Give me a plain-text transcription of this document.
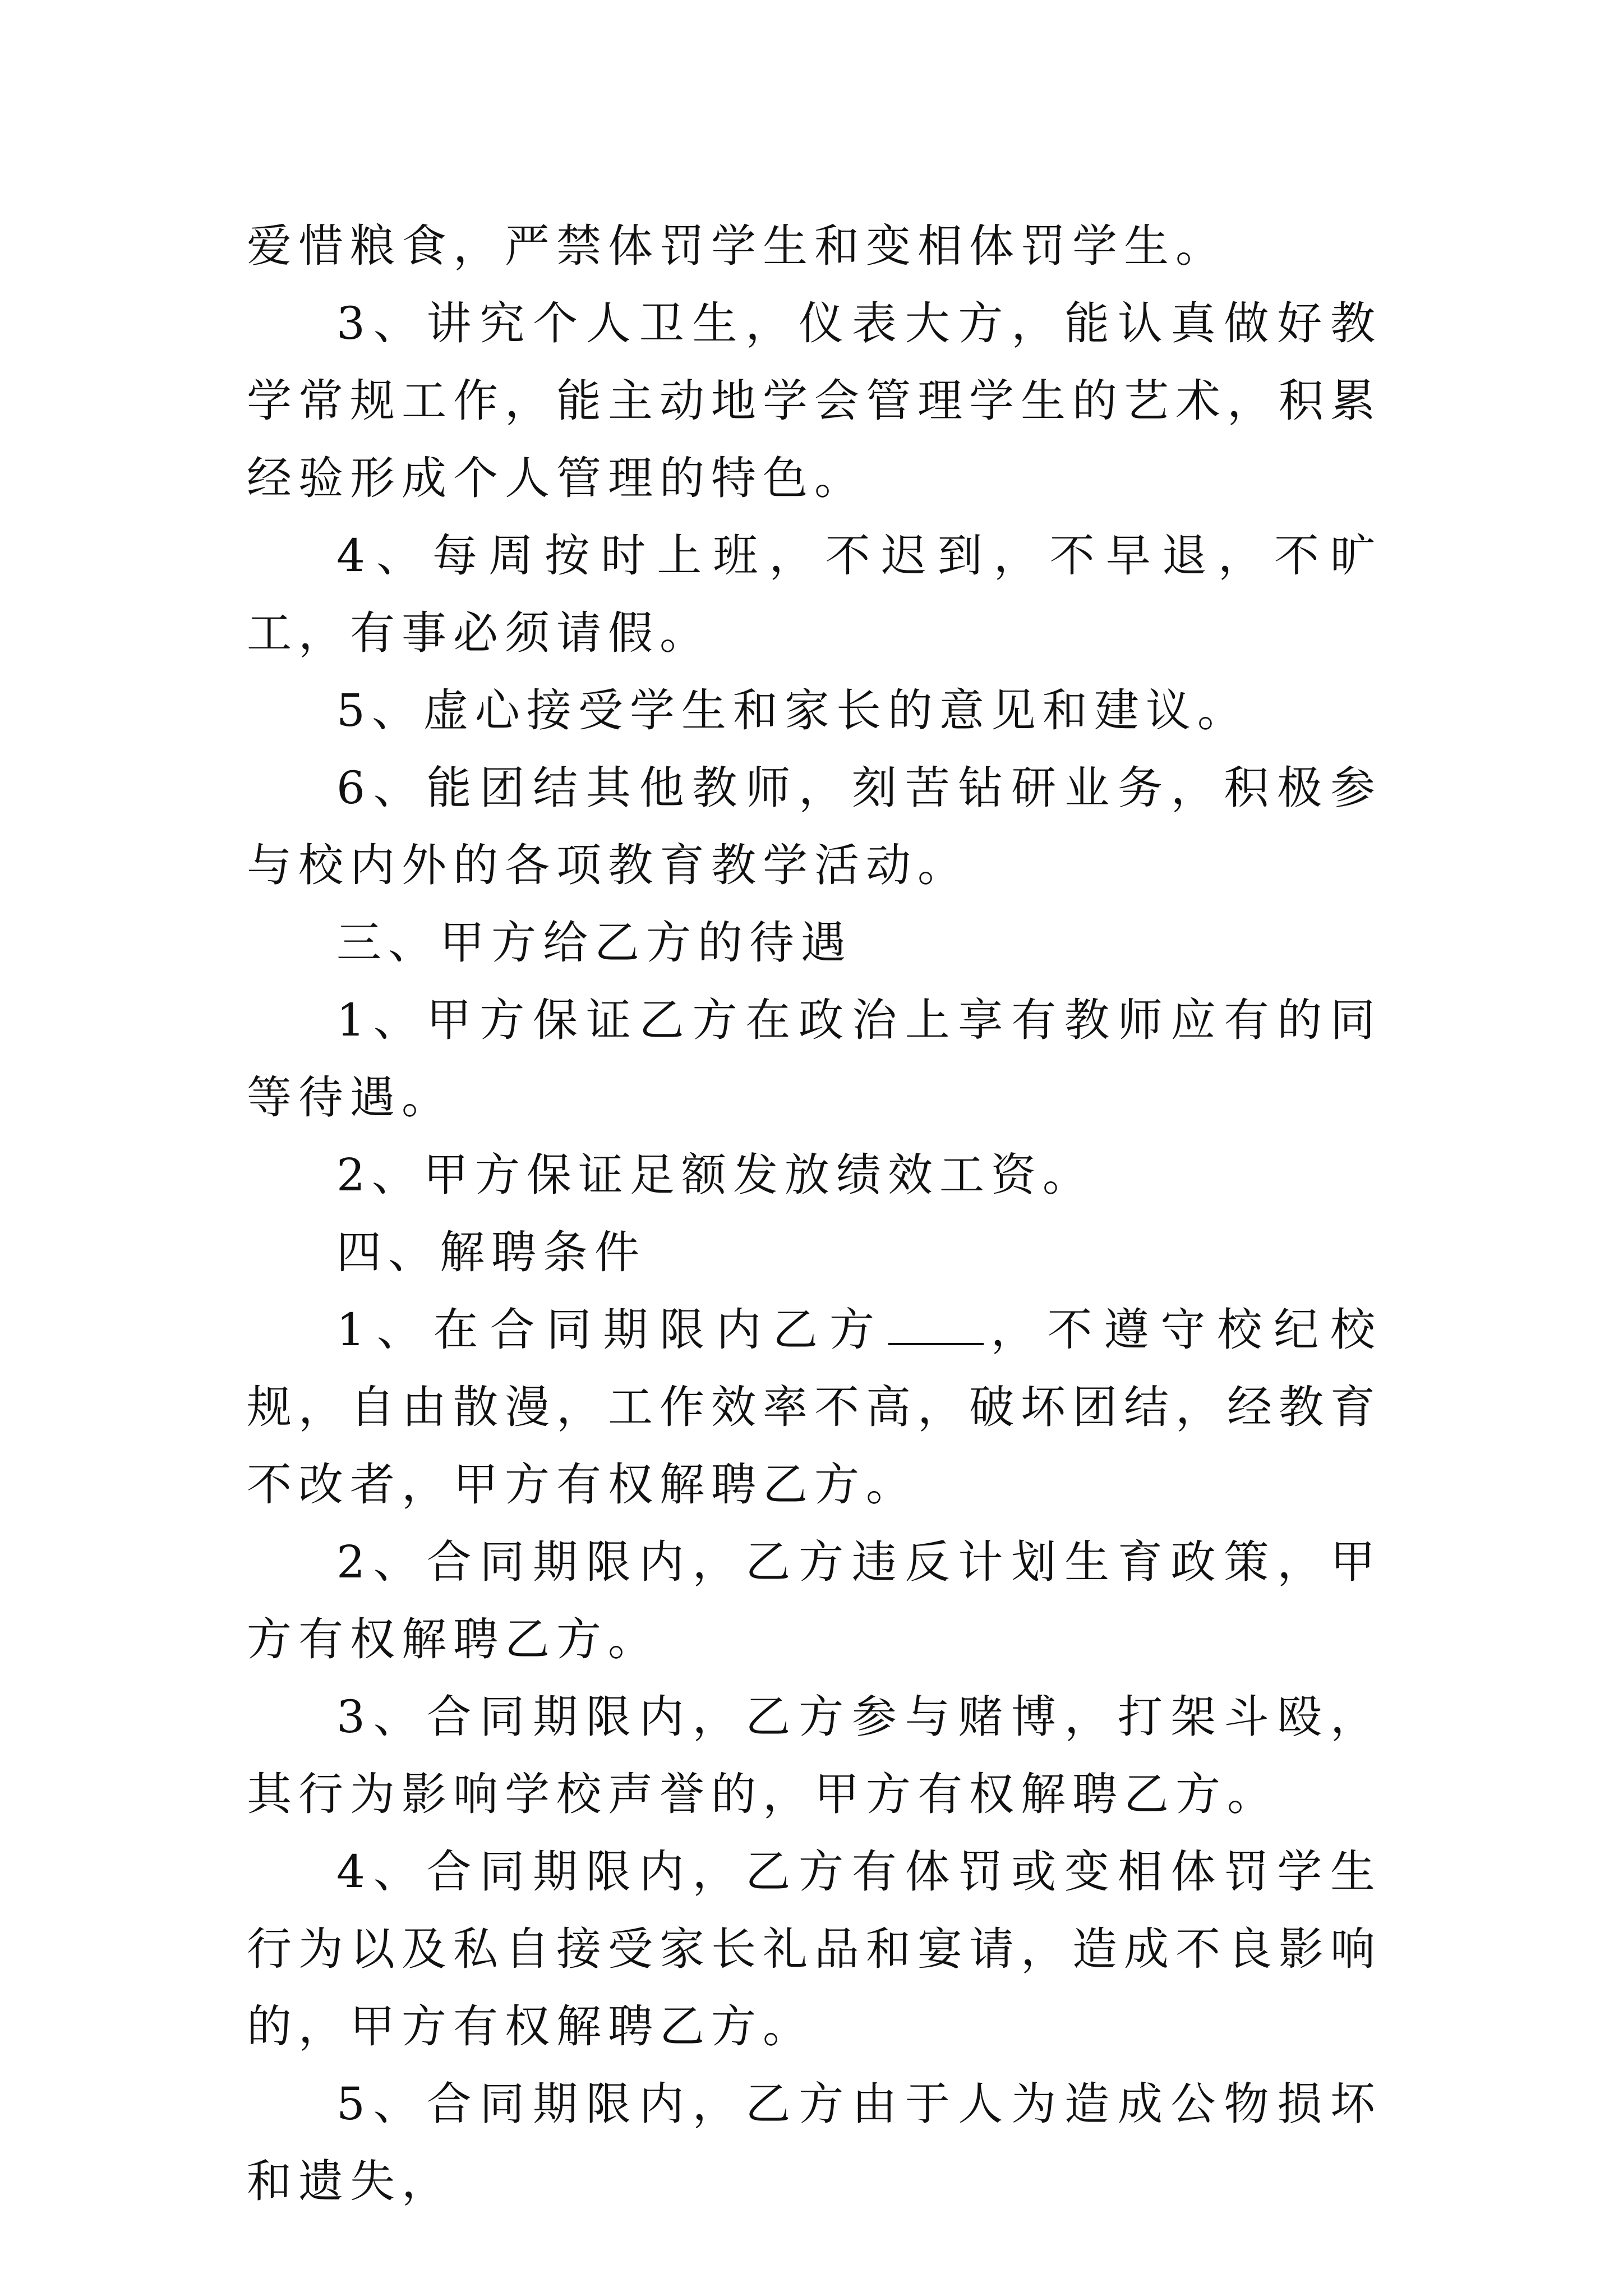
爱惜粮食，严禁体罚学生和变相体罚学生。

3、讲究个人卫生，仪表大方，能认真做好教学常规工作，能主动地学会管理学生的艺术，积累经验形成个人管理的特色。

4、每周按时上班，不迟到，不早退，不旷工，有事必须请假。

5、虚心接受学生和家长的意见和建议。

6、能团结其他教师，刻苦钻研业务，积极参与校内外的各项教育教学活动。

三、甲方给乙方的待遇

1、甲方保证乙方在政治上享有教师应有的同等待遇。

2、甲方保证足额发放绩效工资。

四、解聘条件

1、在合同期限内乙方 ，不遵守校纪校规，自由散漫，工作效率不高，破坏团结，经教育不改者，甲方有权解聘乙方。

2、合同期限内，乙方违反计划生育政策，甲方有权解聘乙方。

3、合同期限内，乙方参与赌博，打架斗殴，其行为影响学校声誉的，甲方有权解聘乙方。

4、合同期限内，乙方有体罚或变相体罚学生行为以及私自接受家长礼品和宴请，造成不良影响的，甲方有权解聘乙方。

5、合同期限内，乙方由于人为造成公物损坏和遗失，
